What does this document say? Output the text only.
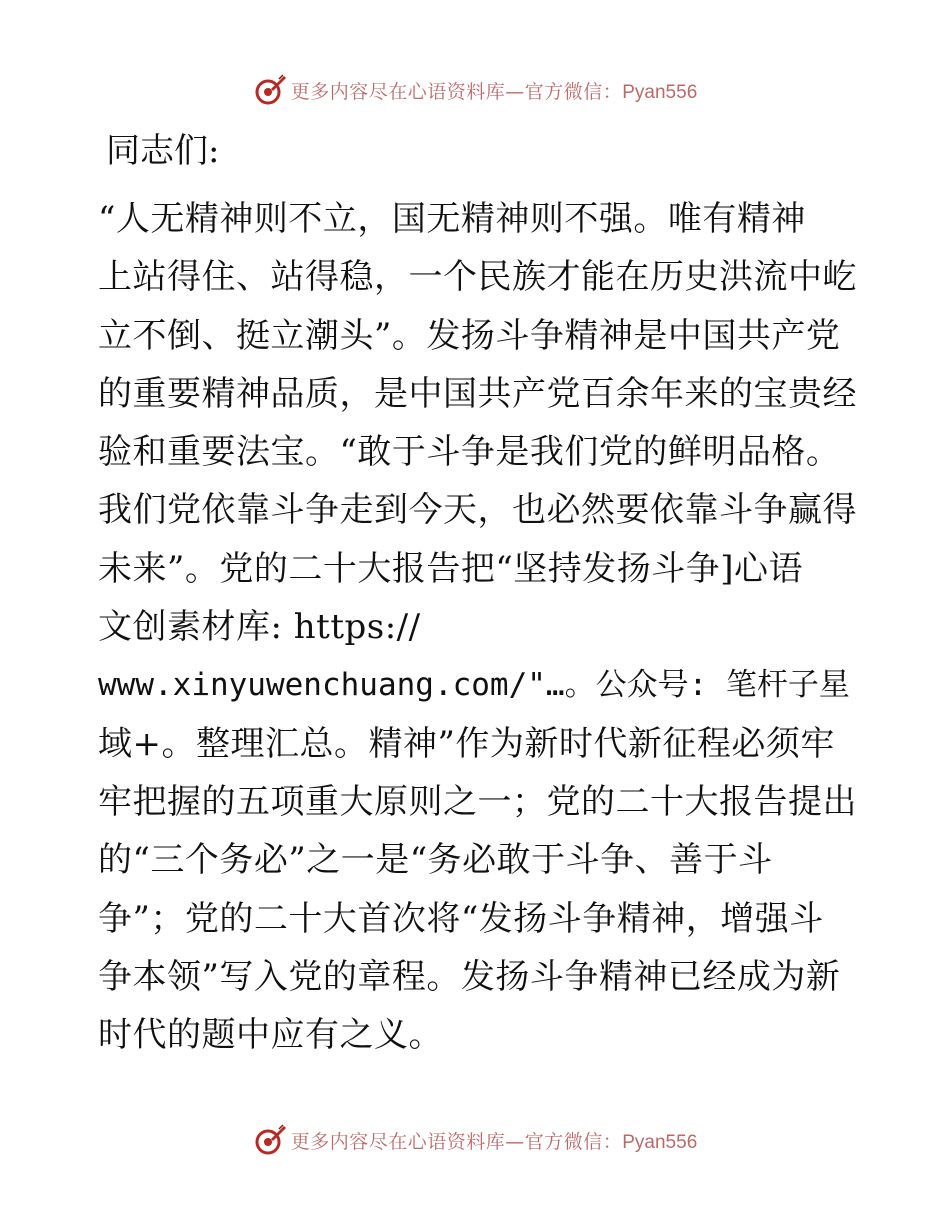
更多内容尽在心语资料库—官方微信：Pyan556
同志们:
“人无精神则不立，国无精神则不强。唯有精神
上站得住、站得稳，一个民族才能在历史洪流中屹
立不倒、挺立潮头”。发扬斗争精神是中国共产党
的重要精神品质，是中国共产党百余年来的宝贵经
验和重要法宝。“敢于斗争是我们党的鲜明品格。
我们党依靠斗争走到今天，也必然要依靠斗争赢得
未来”。党的二十大报告把“坚持发扬斗争]心语
文创素材库: https://
www.xinyuwenchuang.com/"…。公众号: 笔杆子星
域+。整理汇总。精神”作为新时代新征程必须牢
牢把握的五项重大原则之一；党的二十大报告提出
的“三个务必”之一是“务必敢于斗争、善于斗
争”；党的二十大首次将“发扬斗争精神，增强斗
争本领”写入党的章程。发扬斗争精神已经成为新
时代的题中应有之义。
更多内容尽在心语资料库—官方微信：Pyan556
